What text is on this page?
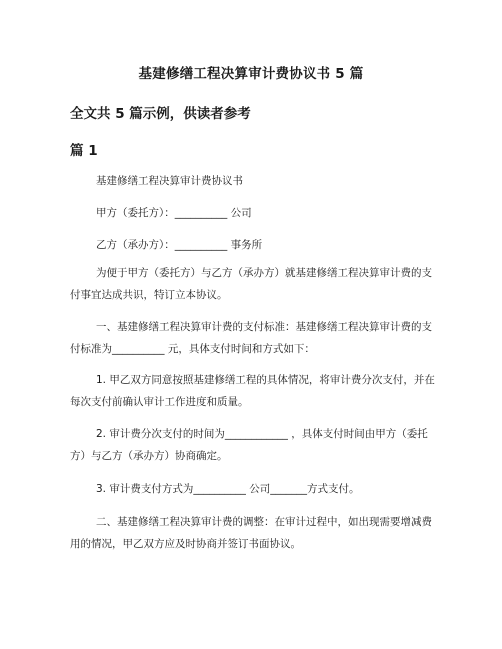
基建修缮工程决算审计费协议书 5 篇
全文共 5 篇示例，供读者参考
篇 1
基建修缮工程决算审计费协议书
甲方（委托方）：__________ 公司
乙方（承办方）：__________ 事务所
为便于甲方（委托方）与乙方（承办方）就基建修缮工程决算审计费的支付事宜达成共识，特订立本协议。
一、基建修缮工程决算审计费的支付标准：基建修缮工程决算审计费的支付标准为__________ 元，具体支付时间和方式如下：
1. 甲乙双方同意按照基建修缮工程的具体情况，将审计费分次支付，并在每次支付前确认审计工作进度和质量。
2. 审计费分次支付的时间为____________ ，具体支付时间由甲方（委托方）与乙方（承办方）协商确定。
3. 审计费支付方式为__________ 公司_______方式支付。
二、基建修缮工程决算审计费的调整：在审计过程中，如出现需要增减费用的情况，甲乙双方应及时协商并签订书面协议。
